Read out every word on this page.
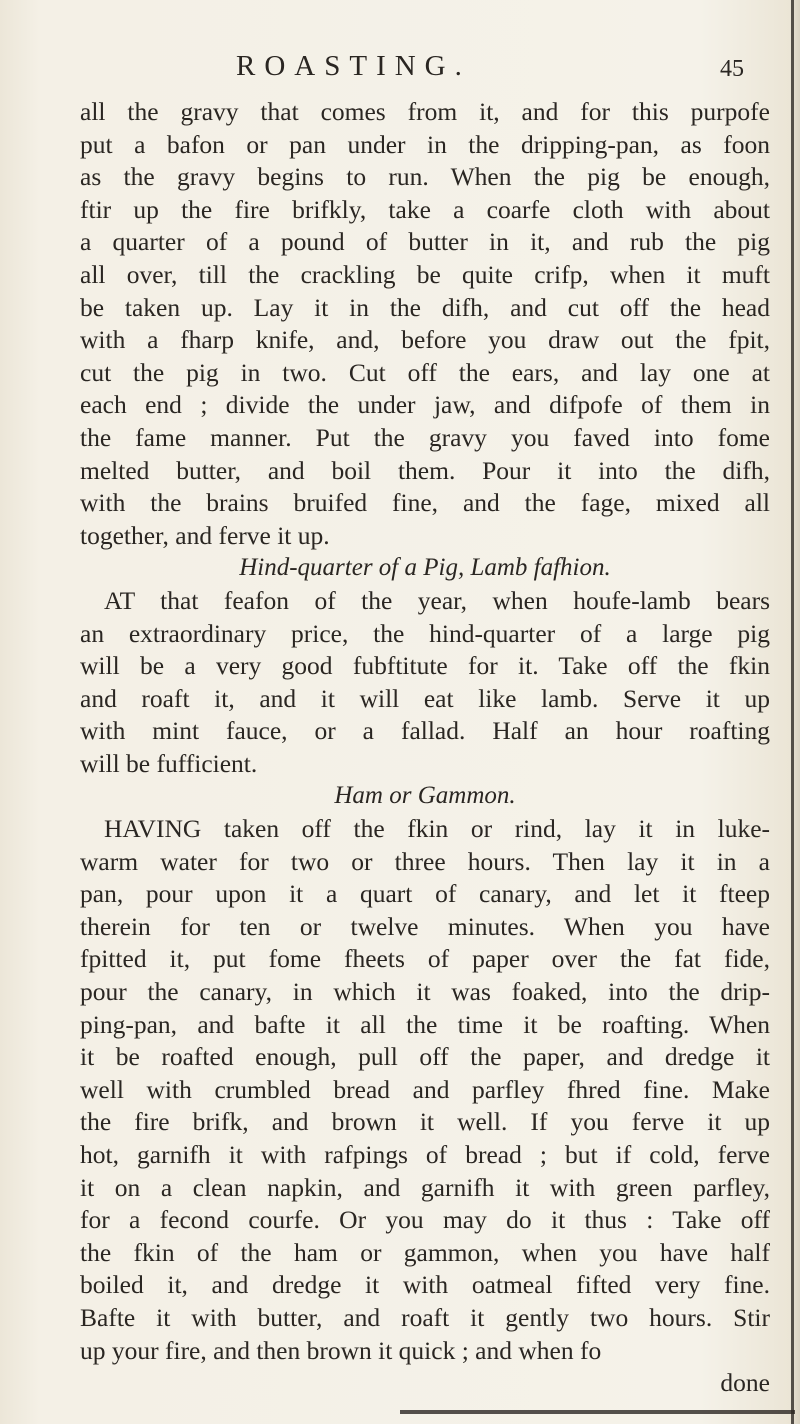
ROASTING.	45
all the gravy that comes from it, and for this purpofe
put a bafon or pan under in the dripping-pan, as foon
as the gravy begins to run. When the pig be enough,
ftir up the fire brifkly, take a coarfe cloth with about
a quarter of a pound of butter in it, and rub the pig
all over, till the crackling be quite crifp, when it muft
be taken up. Lay it in the difh, and cut off the head
with a fharp knife, and, before you draw out the fpit,
cut the pig in two. Cut off the ears, and lay one at
each end ; divide the under jaw, and difpofe of them in
the fame manner. Put the gravy you faved into fome
melted butter, and boil them. Pour it into the difh,
with the brains bruifed fine, and the fage, mixed all
together, and ferve it up.
Hind-quarter of a Pig, Lamb fafhion.
AT that feafon of the year, when houfe-lamb bears
an extraordinary price, the hind-quarter of a large pig
will be a very good fubftitute for it. Take off the fkin
and roaft it, and it will eat like lamb. Serve it up
with mint fauce, or a fallad. Half an hour roafting
will be fufficient.
Ham or Gammon.
HAVING taken off the fkin or rind, lay it in luke-
warm water for two or three hours. Then lay it in a
pan, pour upon it a quart of canary, and let it fteep
therein for ten or twelve minutes. When you have
fpitted it, put fome fheets of paper over the fat fide,
pour the canary, in which it was foaked, into the drip-
ping-pan, and bafte it all the time it be roafting. When
it be roafted enough, pull off the paper, and dredge it
well with crumbled bread and parfley fhred fine. Make
the fire brifk, and brown it well. If you ferve it up
hot, garnifh it with rafpings of bread ; but if cold, ferve
it on a clean napkin, and garnifh it with green parfley,
for a fecond courfe. Or you may do it thus : Take off
the fkin of the ham or gammon, when you have half
boiled it, and dredge it with oatmeal fifted very fine.
Bafte it with butter, and roaft it gently two hours. Stir
up your fire, and then brown it quick ; and when fo
done
